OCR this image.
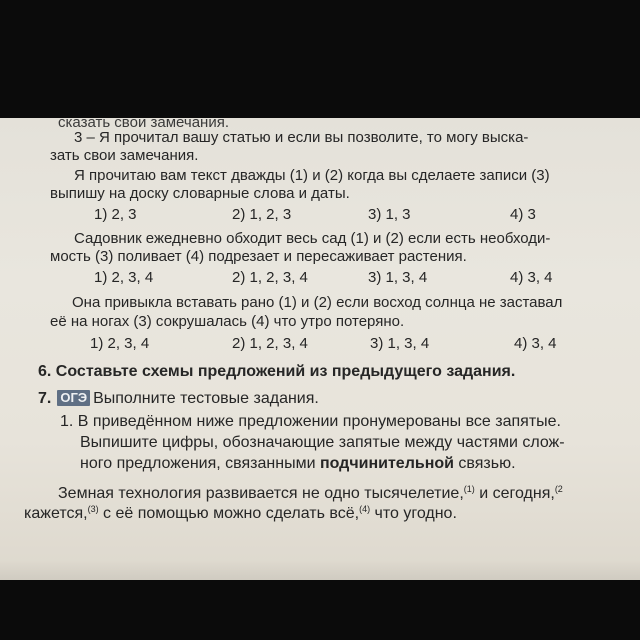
сказать свои замечания.
3 – Я прочитал вашу статью и если вы позволите, то могу выска-
зать свои замечания.
Я прочитаю вам текст дважды (1) и (2) когда вы сделаете записи (3)
выпишу на доску словарные слова и даты.
1) 2, 3	2) 1, 2, 3	3) 1, 3	4) 3
Садовник ежедневно обходит весь сад (1) и (2) если есть необходи-
мость (3) поливает (4) подрезает и пересаживает растения.
1) 2, 3, 4	2) 1, 2, 3, 4	3) 1, 3, 4	4) 3, 4
Она привыкла вставать рано (1) и (2) если восход солнца не заставал
её на ногах (3) сокрушалась (4) что утро потеряно.
1) 2, 3, 4	2) 1, 2, 3, 4	3) 1, 3, 4	4) 3, 4
6. Составьте схемы предложений из предыдущего задания.
7. ОГЭ Выполните тестовые задания.
1. В приведённом ниже предложении пронумерованы все запятые.
Выпишите цифры, обозначающие запятые между частями слож-
ного предложения, связанными подчинительной связью.
Земная технология развивается не одно тысячелетие,$^{(1)}$ и сегодня,$^{(2}$
кажется,$^{(3)}$ с её помощью можно сделать всё,$^{(4)}$ что угодно.
